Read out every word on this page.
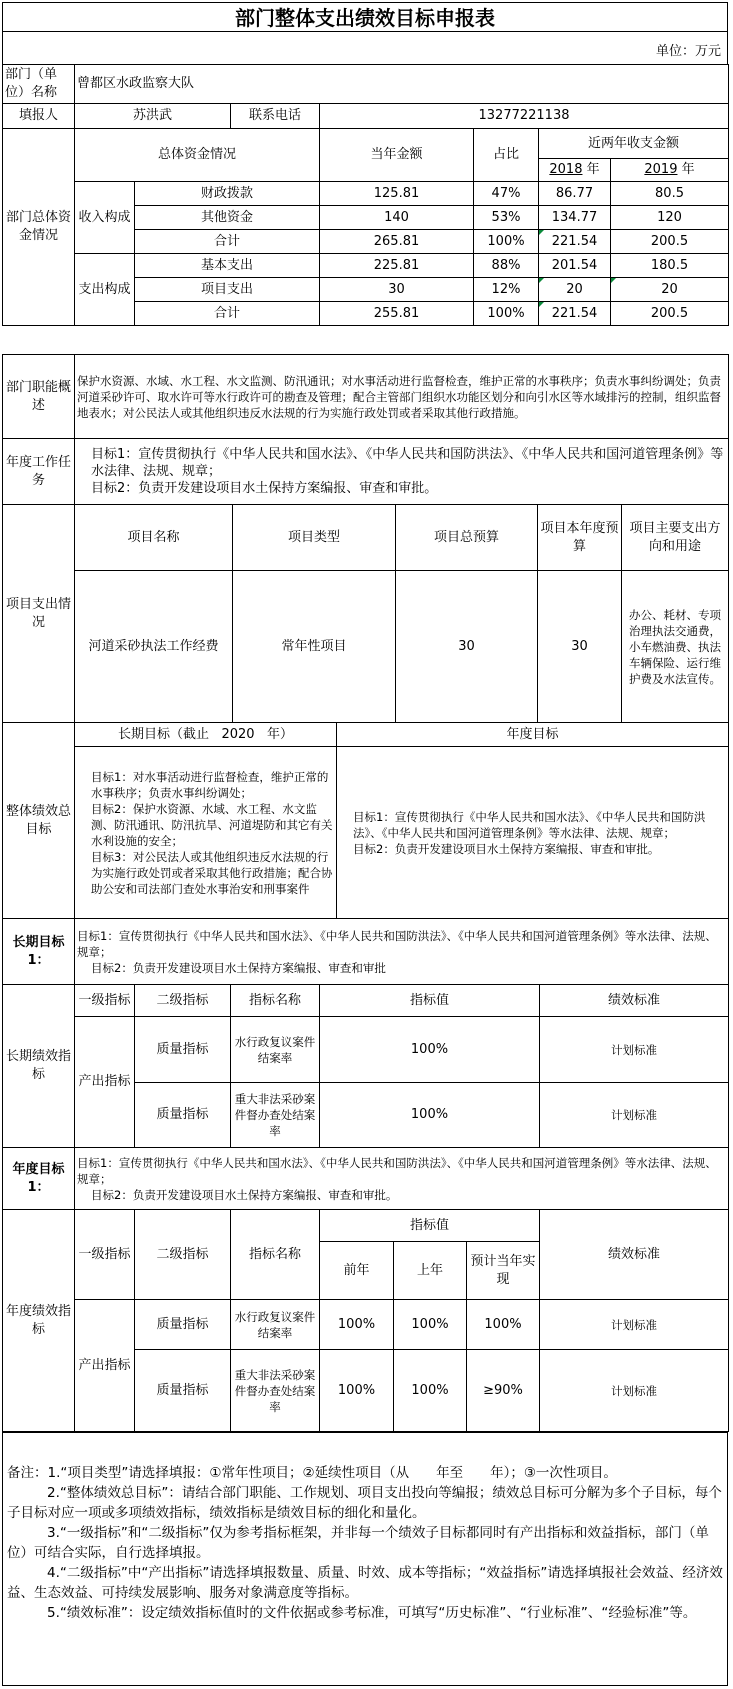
部门整体支出绩效目标申报表
单位：万元
部门（单位）名称	曾都区水政监察大队						
填报人	苏洪武		联系电话	13277221138			
部门总体资金情况	总体资金情况			当年金额	占比	近两年收支金额	
						2018 年	2019 年
	收入构成	财政拨款		125.81	47%	86.77	80.5
		其他资金		140	53%	134.77	120
		合计		265.81	100%	221.54	200.5
	支出构成	基本支出		225.81	88%	201.54	180.5
		项目支出		30	12%	20	20
		合计		255.81	100%	221.54	200.5
部门职能概述	保护水资源、水域、水工程、水文监测、防汛通讯；对水事活动进行监督检查，维护正常的水事秩序；负责水事纠纷调处；负责河道采砂许可、取水许可等水行政许可的勘查及管理；配合主管部门组织水功能区划分和向引水区等水域排污的控制，组织监督地表水；对公民法人或其他组织违反水法规的行为实施行政处罚或者采取其他行政措施。				
年度工作任务	目标1：宣传贯彻执行《中华人民共和国水法》、《中华人民共和国防洪法》、《中华人民共和国河道管理条例》等水法律、法规、规章；
目标2：负责开发建设项目水土保持方案编报、审查和审批。				

项目支出情况	项目名称	项目类型	项目总预算	项目本年度预算	项目主要支出方向和用途
	河道采砂执法工作经费	常年性项目	30	30	办公、耗材、专项治理执法交通费，小车燃油费、执法车辆保险、运行维护费及水法宣传。
整体绩效总目标	长期目标（截止 2020 年）	年度目标

	目标1：对水事活动进行监督检查，维护正常的水事秩序；负责水事纠纷调处；
目标2：保护水资源、水域、水工程、水文监测、防汛通讯、防汛抗旱、河道堤防和其它有关水利设施的安全；
目标3：对公民法人或其他组织违反水法规的行为实施行政处罚或者采取其他行政措施；配合协助公安和司法部门查处水事治安和刑事案件	目标1：宣传贯彻执行《中华人民共和国水法》、《中华人民共和国防洪法》、《中华人民共和国河道管理条例》等水法律、法规、规章；
目标2：负责开发建设项目水土保持方案编报、审查和审批。
长期目标1：	目标1：宣传贯彻执行《中华人民共和国水法》、《中华人民共和国防洪法》、《中华人民共和国河道管理条例》等水法律、法规、规章；
目标2：负责开发建设项目水土保持方案编报、审查和审批				

长期绩效指标	一级指标	二级指标	指标名称	指标值	绩效标准
	产出指标	质量指标	水行政复议案件结案率	100%	计划标准
		质量指标	重大非法采砂案件督办查处结案率	100%	计划标准
年度目标1：	目标1：宣传贯彻执行《中华人民共和国水法》、《中华人民共和国防洪法》、《中华人民共和国河道管理条例》等水法律、法规、规章；
目标2：负责开发建设项目水土保持方案编报、审查和审批。						

年度绩效指标	一级指标	二级指标	指标名称	指标值			绩效标准
				前年	上年	预计当年实现	
	产出指标	质量指标	水行政复议案件结案率	100%	100%	100%	计划标准
		质量指标	重大非法采砂案件督办查处结案率	100%	100%	≥90%	计划标准

备注：1.“项目类型”请选择填报：①常年性项目；②延续性项目（从　　年至　　年）；③一次性项目。

2.“整体绩效总目标”：请结合部门职能、工作规划、项目支出投向等编报；绩效总目标可分解为多个子目标，每个子目标对应一项或多项绩效指标，绩效指标是绩效目标的细化和量化。

3.“一级指标”和“二级指标”仅为参考指标框架，并非每一个绩效子目标都同时有产出指标和效益指标，部门（单位）可结合实际，自行选择填报。

4.“二级指标”中“产出指标”请选择填报数量、质量、时效、成本等指标；“效益指标”请选择填报社会效益、经济效益、生态效益、可持续发展影响、服务对象满意度等指标。

5.“绩效标准”：设定绩效指标值时的文件依据或参考标准，可填写“历史标准”、“行业标准”、“经验标准”等。
